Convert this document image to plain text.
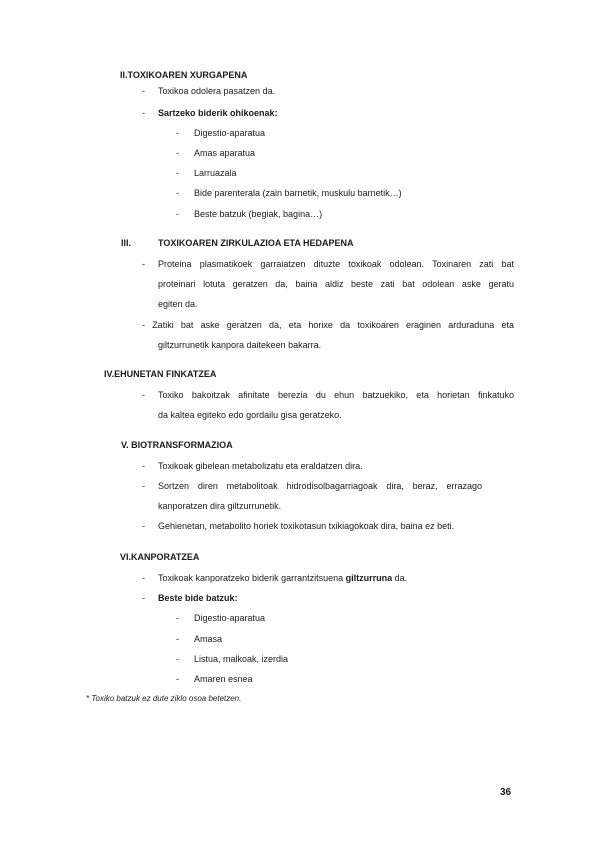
II.TOXIKOAREN XURGAPENA
- Toxikoa odolera pasatzen da.
- Sartzeko biderik ohikoenak:
- Digestio-aparatua
- Amas aparatua
- Larruazala
- Bide parenterala (zain barnetik, muskulu barnetik…)
- Beste batzuk (begiak, bagina…)
III.	TOXIKOAREN ZIRKULAZIOA ETA HEDAPENA
- Proteina plasmatikoek garraiatzen dituzte toxikoak odolean. Toxinaren zati bat
proteinari lotuta geratzen da, baina aldiz beste zati bat odolean aske geratu
egiten da.
- Zatiki bat aske geratzen da, eta horixe da toxikoaren eraginen arduraduna eta
giltzurrunetik kanpora daitekeen bakarra.
IV.EHUNETAN FINKATZEA
- Toxiko bakoitzak afinitate berezia du ehun batzuekiko, eta horietan finkatuko
da kaltea egiteko edo gordailu gisa geratzeko.
V. BIOTRANSFORMAZIOA
- Toxikoak gibelean metabolizatu eta eraldatzen dira.
- Sortzen diren metabolitoak hidrodisolbagarriagoak dira, beraz, errazago
kanporatzen dira giltzurrunetik.
- Gehienetan, metabolito horiek toxikotasun txikiagokoak dira, baina ez beti.
VI.KANPORATZEA
- Toxikoak kanporatzeko biderik garrantzitsuena giltzurruna da.
- Beste bide batzuk:
- Digestio-aparatua
- Amasa
- Listua, malkoak, izerdia
- Amaren esnea
* Toxiko batzuk ez dute ziklo osoa betetzen.
36
